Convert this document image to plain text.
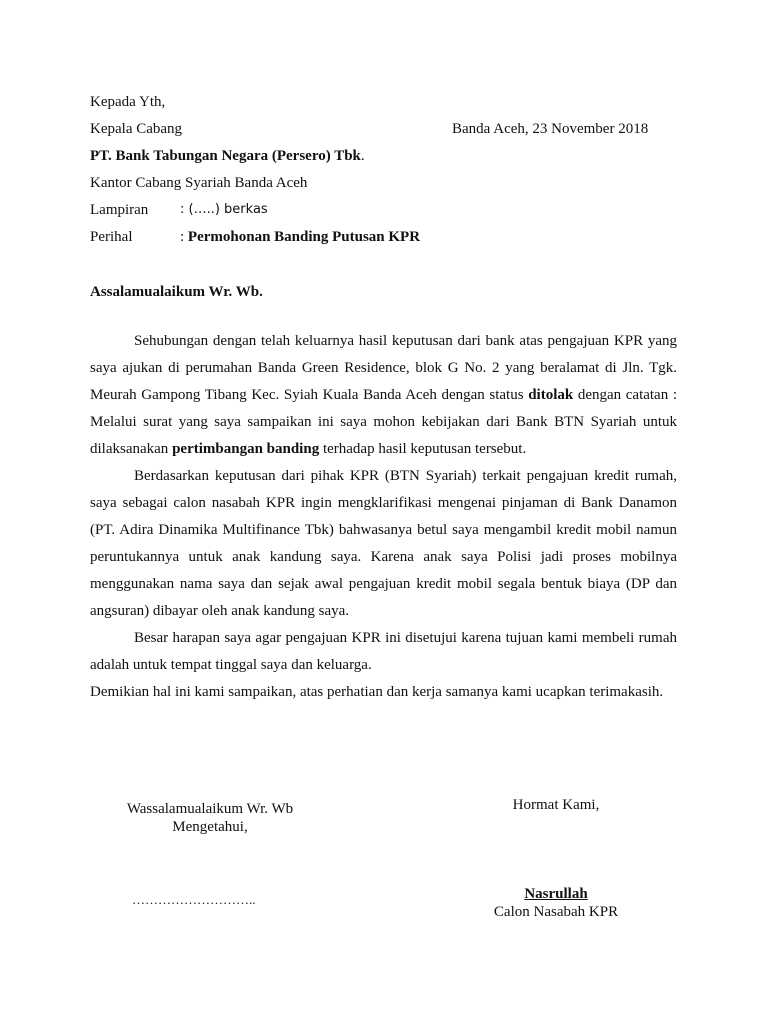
Kepada Yth,
Kepala Cabang	Banda Aceh, 23 November 2018
PT. Bank Tabungan Negara (Persero) Tbk.
Kantor Cabang Syariah Banda Aceh
Lampiran : (…..) berkas
Perihal	: Permohonan Banding Putusan KPR
Assalamualaikum Wr. Wb.

Sehubungan dengan telah keluarnya hasil keputusan dari bank atas pengajuan KPR yang saya ajukan di perumahan Banda Green Residence, blok G No. 2 yang beralamat di Jln. Tgk. Meurah Gampong Tibang Kec. Syiah Kuala Banda Aceh dengan status ditolak dengan catatan : Melalui surat yang saya sampaikan ini saya mohon kebijakan dari Bank BTN Syariah untuk dilaksanakan pertimbangan banding terhadap hasil keputusan tersebut.

Berdasarkan keputusan dari pihak KPR (BTN Syariah) terkait pengajuan kredit rumah, saya sebagai calon nasabah KPR ingin mengklarifikasi mengenai pinjaman di Bank Danamon (PT. Adira Dinamika Multifinance Tbk) bahwasanya betul saya mengambil kredit mobil namun peruntukannya untuk anak kandung saya. Karena anak saya Polisi jadi proses mobilnya menggunakan nama saya dan sejak awal pengajuan kredit mobil segala bentuk biaya (DP dan angsuran) dibayar oleh anak kandung saya.

Besar harapan saya agar pengajuan KPR ini disetujui karena tujuan kami membeli rumah adalah untuk tempat tinggal saya dan keluarga.

Demikian hal ini kami sampaikan, atas perhatian dan kerja samanya kami ucapkan terimakasih.

Wassalamualaikum Wr. Wb
Mengetahui,
………………………..
Hormat Kami,
Nasrullah
Calon Nasabah KPR
